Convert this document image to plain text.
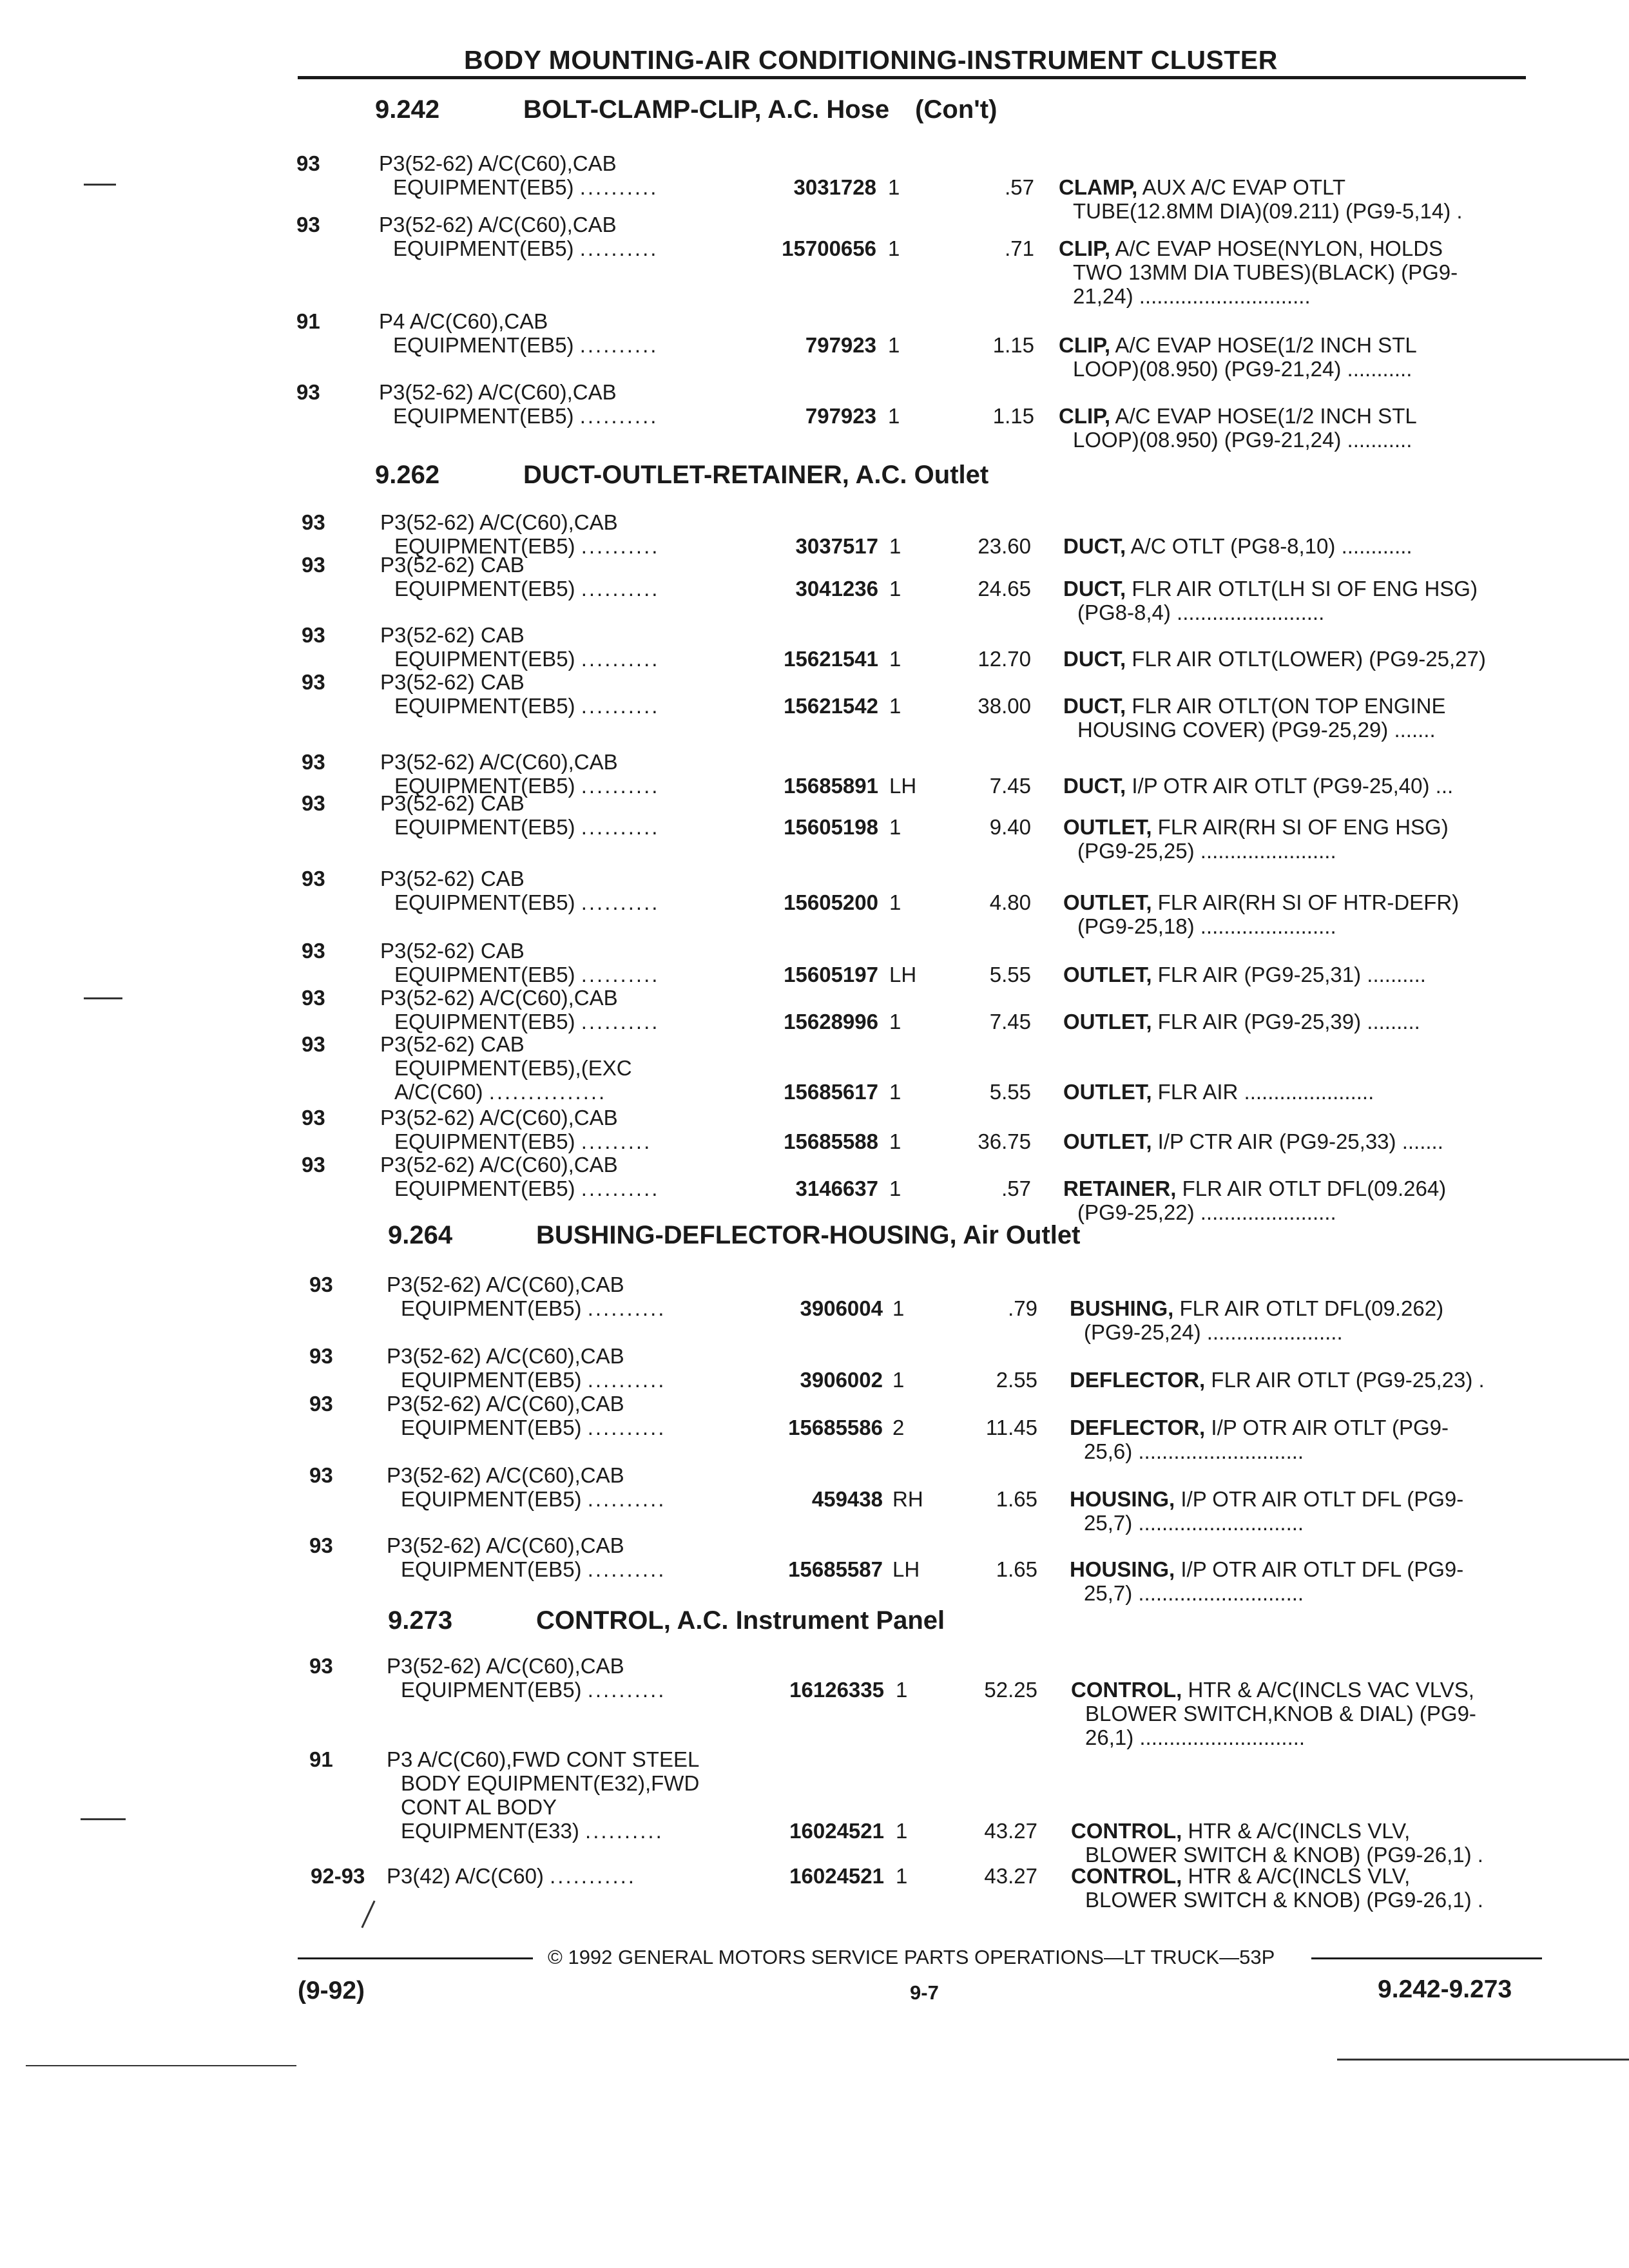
BODY MOUNTING-AIR CONDITIONING-INSTRUMENT CLUSTER
9.242	BOLT-CLAMP-CLIP, A.C. Hose (Con't)
93	P3(52-62) A/C(C60),CAB
EQUIPMENT(EB5) ..........	3031728 1	.57 CLAMP, AUX A/C EVAP OTLT
TUBE(12.8MM DIA)(09.211) (PG9-5,14) .
93	P3(52-62) A/C(C60),CAB
EQUIPMENT(EB5) ..........	15700656 1	.71 CLIP, A/C EVAP HOSE(NYLON, HOLDS
TWO 13MM DIA TUBES)(BLACK) (PG9-
21,24) .............................
91	P4 A/C(C60),CAB
EQUIPMENT(EB5) ..........	797923 1	1.15 CLIP, A/C EVAP HOSE(1/2 INCH STL
LOOP)(08.950) (PG9-21,24) ...........
93	P3(52-62) A/C(C60),CAB
EQUIPMENT(EB5) ..........	797923 1	1.15 CLIP, A/C EVAP HOSE(1/2 INCH STL
LOOP)(08.950) (PG9-21,24) ...........
9.262	DUCT-OUTLET-RETAINER, A.C. Outlet
93	P3(52-62) A/C(C60),CAB
EQUIPMENT(EB5) ..........	3037517 1	23.60 DUCT, A/C OTLT (PG8-8,10) ............
93	P3(52-62) CAB
EQUIPMENT(EB5) ..........	3041236 1	24.65 DUCT, FLR AIR OTLT(LH SI OF ENG HSG)
(PG8-8,4) .........................
93	P3(52-62) CAB
EQUIPMENT(EB5) ..........	15621541 1	12.70 DUCT, FLR AIR OTLT(LOWER) (PG9-25,27)
93	P3(52-62) CAB
EQUIPMENT(EB5) ..........	15621542 1	38.00 DUCT, FLR AIR OTLT(ON TOP ENGINE
HOUSING COVER) (PG9-25,29) .......
93	P3(52-62) A/C(C60),CAB
EQUIPMENT(EB5) ..........	15685891 LH	7.45 DUCT, I/P OTR AIR OTLT (PG9-25,40) ...
93	P3(52-62) CAB
EQUIPMENT(EB5) ..........	15605198 1	9.40 OUTLET, FLR AIR(RH SI OF ENG HSG)
(PG9-25,25) .......................
93	P3(52-62) CAB
EQUIPMENT(EB5) ..........	15605200 1	4.80 OUTLET, FLR AIR(RH SI OF HTR-DEFR)
(PG9-25,18) .......................
93	P3(52-62) CAB
EQUIPMENT(EB5) ..........	15605197 LH	5.55 OUTLET, FLR AIR (PG9-25,31) ..........
93	P3(52-62) A/C(C60),CAB
EQUIPMENT(EB5) ..........	15628996 1	7.45 OUTLET, FLR AIR (PG9-25,39) .........
93	P3(52-62) CAB
EQUIPMENT(EB5),(EXC
A/C(C60) ...............	15685617 1	5.55 OUTLET, FLR AIR ......................
93	P3(52-62) A/C(C60),CAB
EQUIPMENT(EB5) .........	15685588 1	36.75 OUTLET, I/P CTR AIR (PG9-25,33) .......
93	P3(52-62) A/C(C60),CAB
EQUIPMENT(EB5) ..........	3146637 1	.57 RETAINER, FLR AIR OTLT DFL(09.264)
(PG9-25,22) .......................
9.264	BUSHING-DEFLECTOR-HOUSING, Air Outlet
93	P3(52-62) A/C(C60),CAB
EQUIPMENT(EB5) ..........	3906004 1	.79 BUSHING, FLR AIR OTLT DFL(09.262)
(PG9-25,24) .......................
93	P3(52-62) A/C(C60),CAB
EQUIPMENT(EB5) ..........	3906002 1	2.55 DEFLECTOR, FLR AIR OTLT (PG9-25,23) .
93	P3(52-62) A/C(C60),CAB
EQUIPMENT(EB5) ..........	15685586 2	11.45 DEFLECTOR, I/P OTR AIR OTLT (PG9-
25,6) ............................
93	P3(52-62) A/C(C60),CAB
EQUIPMENT(EB5) ..........	459438 RH	1.65 HOUSING, I/P OTR AIR OTLT DFL (PG9-
25,7) ............................
93	P3(52-62) A/C(C60),CAB
EQUIPMENT(EB5) ..........	15685587 LH	1.65 HOUSING, I/P OTR AIR OTLT DFL (PG9-
25,7) ............................
9.273	CONTROL, A.C. Instrument Panel
93	P3(52-62) A/C(C60),CAB
EQUIPMENT(EB5) ..........	16126335 1	52.25 CONTROL, HTR & A/C(INCLS VAC VLVS,
BLOWER SWITCH,KNOB & DIAL) (PG9-
26,1) ............................
91	P3 A/C(C60),FWD CONT STEEL
BODY EQUIPMENT(E32),FWD
CONT AL BODY
EQUIPMENT(E33) ..........	16024521 1	43.27 CONTROL, HTR & A/C(INCLS VLV,
BLOWER SWITCH & KNOB) (PG9-26,1) .
92-93 P3(42) A/C(C60) ...........	16024521 1	43.27 CONTROL, HTR & A/C(INCLS VLV,
BLOWER SWITCH & KNOB) (PG9-26,1) .
© 1992 GENERAL MOTORS SERVICE PARTS OPERATIONS—LT TRUCK—53P
(9-92)	9-7	9.242-9.273
